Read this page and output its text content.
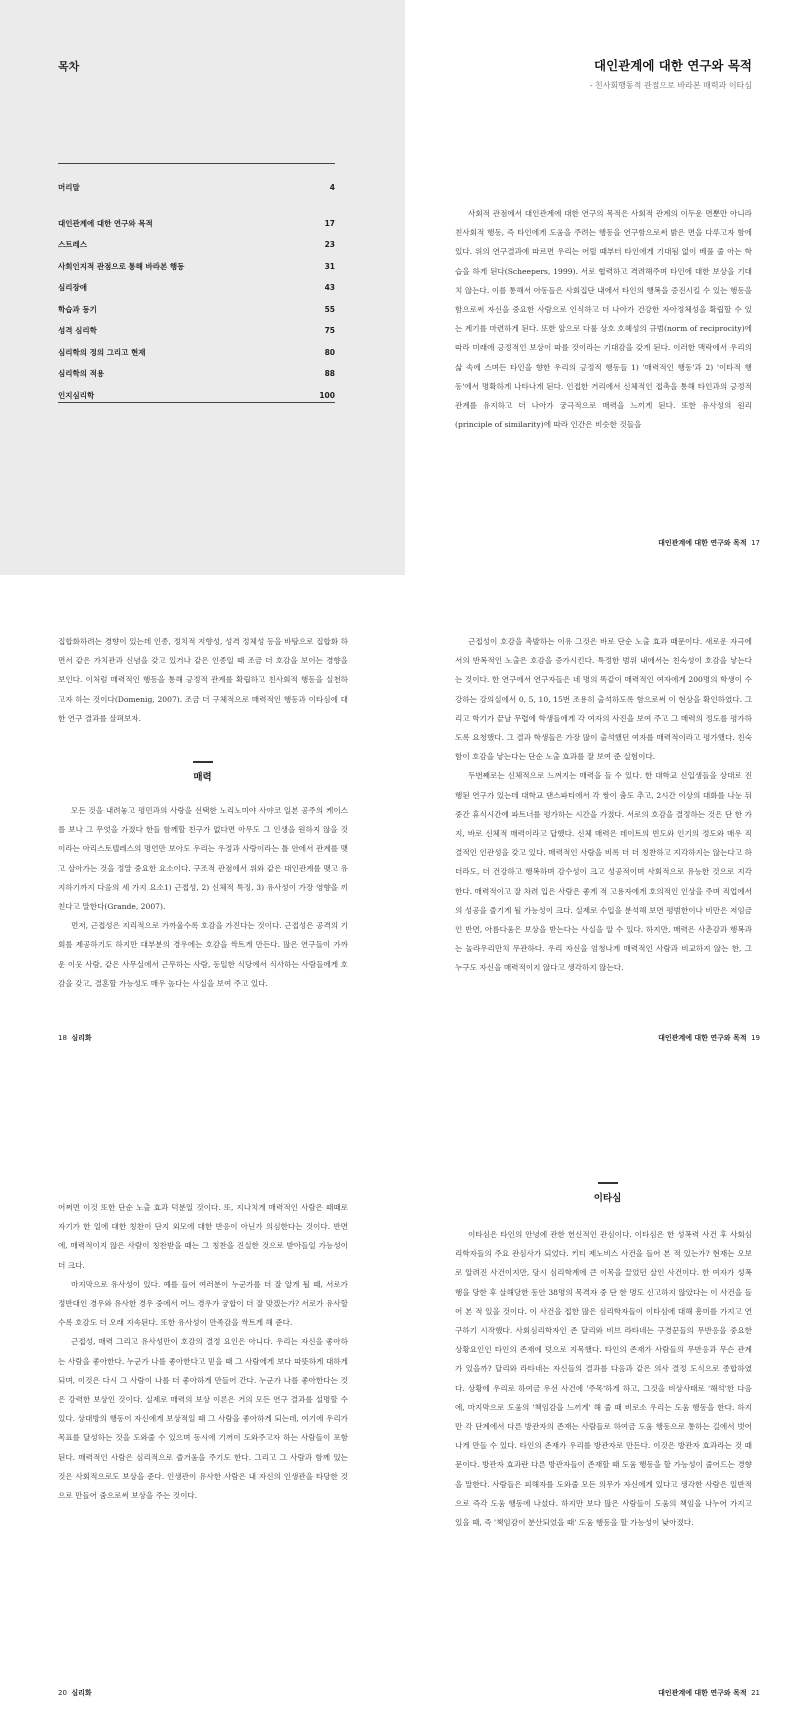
목차
머리말	4
대인관계에 대한 연구와 목적	17
스트레스	23
사회인지적 관점으로 통해 바라본 행동	31
심리장애	43
학습과 동기	55
성격 심리학	75
심리학의 정의 그리고 현재	80
심리학의 적용	88
인지심리학	100
대인관계에 대한 연구와 목적
- 친사회행동적 관점으로 바라본 매력과 이타심

사회적 관점에서 대인관계에 대한 연구의 목적은 사회적 관계의 이두운 면뿐만 아니라 친사회적 행동, 즉 타인에게 도움을 주려는 행동을 연구함으로써 밝은 면을 다루고자 함에 있다. 위의 연구결과에 따르면 우리는 어릴 때부터 타인에게 기대됨 없이 베풀 줄 아는 학습을 하게 된다(Scheepers, 1999). 서로 협력하고 격려해주며 타인에 대한 보상을 기대치 않는다. 이를 통해서 아동들은 사회집단 내에서 타인의 행복을 증진시킬 수 있는 행동을 함으로써 자신을 중요한 사람으로 인식하고 더 나아가 건강한 자아정체성을 확립할 수 있는 계기를 마련하게 된다. 또한 앞으로 다룰 상호 호혜성의 규범(norm of reciprocity)에 따라 미래에 긍정적인 보상이 따를 것이라는 기대감을 갖게 된다. 이러한 맥락에서 우리의 삶 속에 스며든 타인을 향한 우리의 긍정적 행동들 1) '매력적인 행동'과 2) '이타적 행동'에서 명확하게 나타나게 된다. 인접한 거리에서 신체적인 접촉을 통해 타인과의 긍정적 관계를 유지하고 더 나아가 궁극적으로 매력을 느끼게 된다. 또한 유사성의 원리(principle of similarity)에 따라 인간은 비슷한 것들을

대인관계에 대한 연구와 목적 17

집합화하려는 경향이 있는데 인종, 정치적 지향성, 성격 정체성 등을 바탕으로 집합화 하면서 같은 가치관과 신념을 갖고 있거나 같은 인종일 때 조금 더 호감을 보이는 경향을 보인다. 이처럼 매력적인 행동을 통해 긍정적 관계를 확립하고 친사회적 행동을 실천하고자 하는 것이다(Domenig, 2007). 조금 더 구체적으로 매력적인 행동과 이타심에 대한 연구 결과를 살펴보자.

매력

모든 것을 내려놓고 평민과의 사랑을 선택한 노리노미야 사야코 일본 공주의 케이스를 보나 그 무엇을 가졌다 한들 함께할 친구가 없다면 아무도 그 인생을 원하지 않을 것이라는 아리스토텔레스의 명언만 보아도 우리는 우정과 사랑이라는 틀 안에서 관계를 맺고 살아가는 것을 정말 중요한 요소이다. 구조적 관점에서 위와 같은 대인관계를 맺고 유지하기까지 다음의 세 가지 요소1) 근접성, 2) 신체적 특징, 3) 유사성이 가장 영향을 끼친다고 말한다(Grande, 2007).

먼저, 근접성은 지리적으로 가까울수록 호감을 가진다는 것이다. 근접성은 공격의 기회를 제공하기도 하지만 대부분의 경우에는 호감을 싹트게 만든다. 많은 연구들이 가까운 이웃 사람, 같은 사무실에서 근무하는 사람, 동일한 식당에서 식사하는 사람들에게 호감을 갖고, 결혼할 가능성도 매우 높다는 사실을 보여 주고 있다.

18 심리화

근접성이 호감을 촉발하는 이유 그것은 바로 단순 노출 효과 때문이다. 새로운 자극에서의 반복적인 노출은 호감을 증가시킨다. 특정한 범위 내에서는 친숙성이 호감을 낳는다는 것이다. 한 연구에서 연구자들은 네 명의 똑같이 매력적인 여자에게 200명의 학생이 수강하는 강의실에서 0, 5, 10, 15번 조용히 출석하도록 함으로써 이 현상을 확인하였다. 그리고 학기가 끝날 무렵에 학생들에게 각 여자의 사진을 보여 주고 그 매력의 정도를 평가하도록 요청했다. 그 결과 학생들은 가장 많이 출석했던 여자를 매력적이라고 평가했다. 친숙함이 호감을 낳는다는 단순 노출 효과를 잘 보여 준 실험이다.

두번째로는 신체적으로 느껴지는 매력을 들 수 있다. 한 대학교 신입생들을 상대로 진행된 연구가 있는데 대학교 댄스파티에서 각 쌍이 춤도 추고, 2시간 이상의 대화를 나눈 뒤 중간 휴식시간에 파트너를 평가하는 시간을 가졌다. 서로의 호감을 결정하는 것은 단 한 가지, 바로 신체적 매력이라고 답했다. 신체 매력은 데이트의 빈도와 인기의 정도와 매우 직결적인 인관성을 갖고 있다. 매력적인 사람을 비록 더 더 칭찬하고 지각하지는 않는다고 하더라도, 더 건강하고 행복하며 감수성이 크고 성공적이며 사회적으로 유능한 것으로 지각한다. 매력적이고 잘 차려 입은 사람은 좋게 적 고용자에게 호의적인 인상을 주며 직업에서의 성공을 즐기게 될 가능성이 크다. 실제로 수입을 분석해 보면 평범한이나 비만은 저임금인 반면, 아름다움은 보상을 받는다는 사실을 알 수 있다. 하지만, 매력은 사춘감과 행복과는 놀라우리만치 무관하다. 우리 자신을 엄청나게 매력적인 사람과 비교하지 않는 한, 그 누구도 자신을 매력적이지 않다고 생각하지 않는다.

대인관계에 대한 연구와 목적 19

어쩌면 이것 또한 단순 노출 효과 덕분일 것이다. 또, 지나치게 매력적인 사람은 때때로 자기가 한 일에 대한 칭찬이 단지 외모에 대한 반응이 아닌가 의심한다는 것이다. 반면에, 매력적이지 않은 사람이 칭찬받을 때는 그 칭찬을 진실한 것으로 받아들일 가능성이 더 크다.

마지막으로 유사성이 있다. 예를 들어 여러분이 누군가를 더 잘 알게 될 때, 서로가 정반대인 경우와 유사한 경우 중에서 어느 경우가 궁합이 더 잘 맞겠는가? 서로가 유사할수록 호감도 더 오래 지속된다. 또한 유사성이 만족감을 싹트게 해 준다.

근접성, 매력 그리고 유사성만이 호감의 결정 요인은 아니다. 우리는 자신을 좋아하는 사람을 좋아한다. 누군가 나를 좋아한다고 믿을 때 그 사람에게 보다 따뜻하게 대하게 되며, 이것은 다시 그 사람이 나를 더 좋아하게 만들어 간다. 누군가 나를 좋아한다는 것은 강력한 보상인 것이다. 실제로 매력의 보상 이론은 거의 모든 연구 결과를 설명할 수 있다. 상대방의 행동이 자신에게 보상적일 때 그 사람을 좋아하게 되는데, 여기에 우리가 목표를 달성하는 것을 도와줄 수 있으며 동시에 기꺼이 도와주고자 하는 사람들이 포함된다. 매력적인 사람은 심리적으로 즐거움을 주기도 한다. 그리고 그 사람과 함께 있는 것은 사회적으로도 보상을 준다. 인생관이 유사한 사람은 내 자신의 인생관을 타당한 것으로 만들어 줌으로써 보상을 주는 것이다.

20 심리화
이타심

이타심은 타인의 안녕에 관한 헌신적인 관심이다. 이타심은 한 성폭력 사건 후 사회심리학자들의 주요 관심사가 되었다. 키티 제노비스 사건을 들어 본 적 있는가? 현재는 오보로 알려진 사건이지만, 당시 심리학계에 큰 이목을 끌었던 살인 사건이다. 한 여자가 성폭행을 당한 후 살해당한 동안 38명의 목격자 중 단 한 명도 신고하지 않았다는 이 사건을 들어 본 적 있을 것이다. 이 사건을 접한 많은 심리학자들이 이타심에 대해 흥미를 가지고 연구하기 시작했다. 사회심리학자인 존 달리와 비브 라타네는 구경꾼들의 무반응을 중요한 상황요인인 타인의 존재에 덧으로 지목했다. 타인의 존재가 사람들의 무반응과 무슨 관계가 있을까? 달리와 라타네는 자신들의 결과를 다음과 같은 의사 결정 도식으로 종합하였다. 상황에 우리로 하여금 우선 사건에 '주목'하게 하고, 그것을 비상사태로 '해석'한 다음에, 마지막으로 도움의 '책임감을 느끼게' 해 줄 때 비로소 우리는 도움 행동을 한다. 하지만 각 단계에서 다른 방관자의 존재는 사람들로 하여금 도움 행동으로 통하는 길에서 벗어나게 만들 수 있다. 타인의 존재가 우리를 방관자로 만든다. 이것은 방관자 효과라는 것 때문이다. 방관자 효과란 다른 방관자들이 존재할 때 도움 행동을 할 가능성이 줄어드는 경향을 말한다. 사람들은 피해자를 도와줄 모든 의무가 자신에게 있다고 생각한 사람은 일반적으로 즉각 도움 행동에 나섰다. 하지만 보다 많은 사람들이 도움의 책임을 나누어 가지고 있을 때, 즉 '책임감이 분산되었을 때' 도움 행동을 할 가능성이 낮아졌다.

대인관계에 대한 연구와 목적 21
